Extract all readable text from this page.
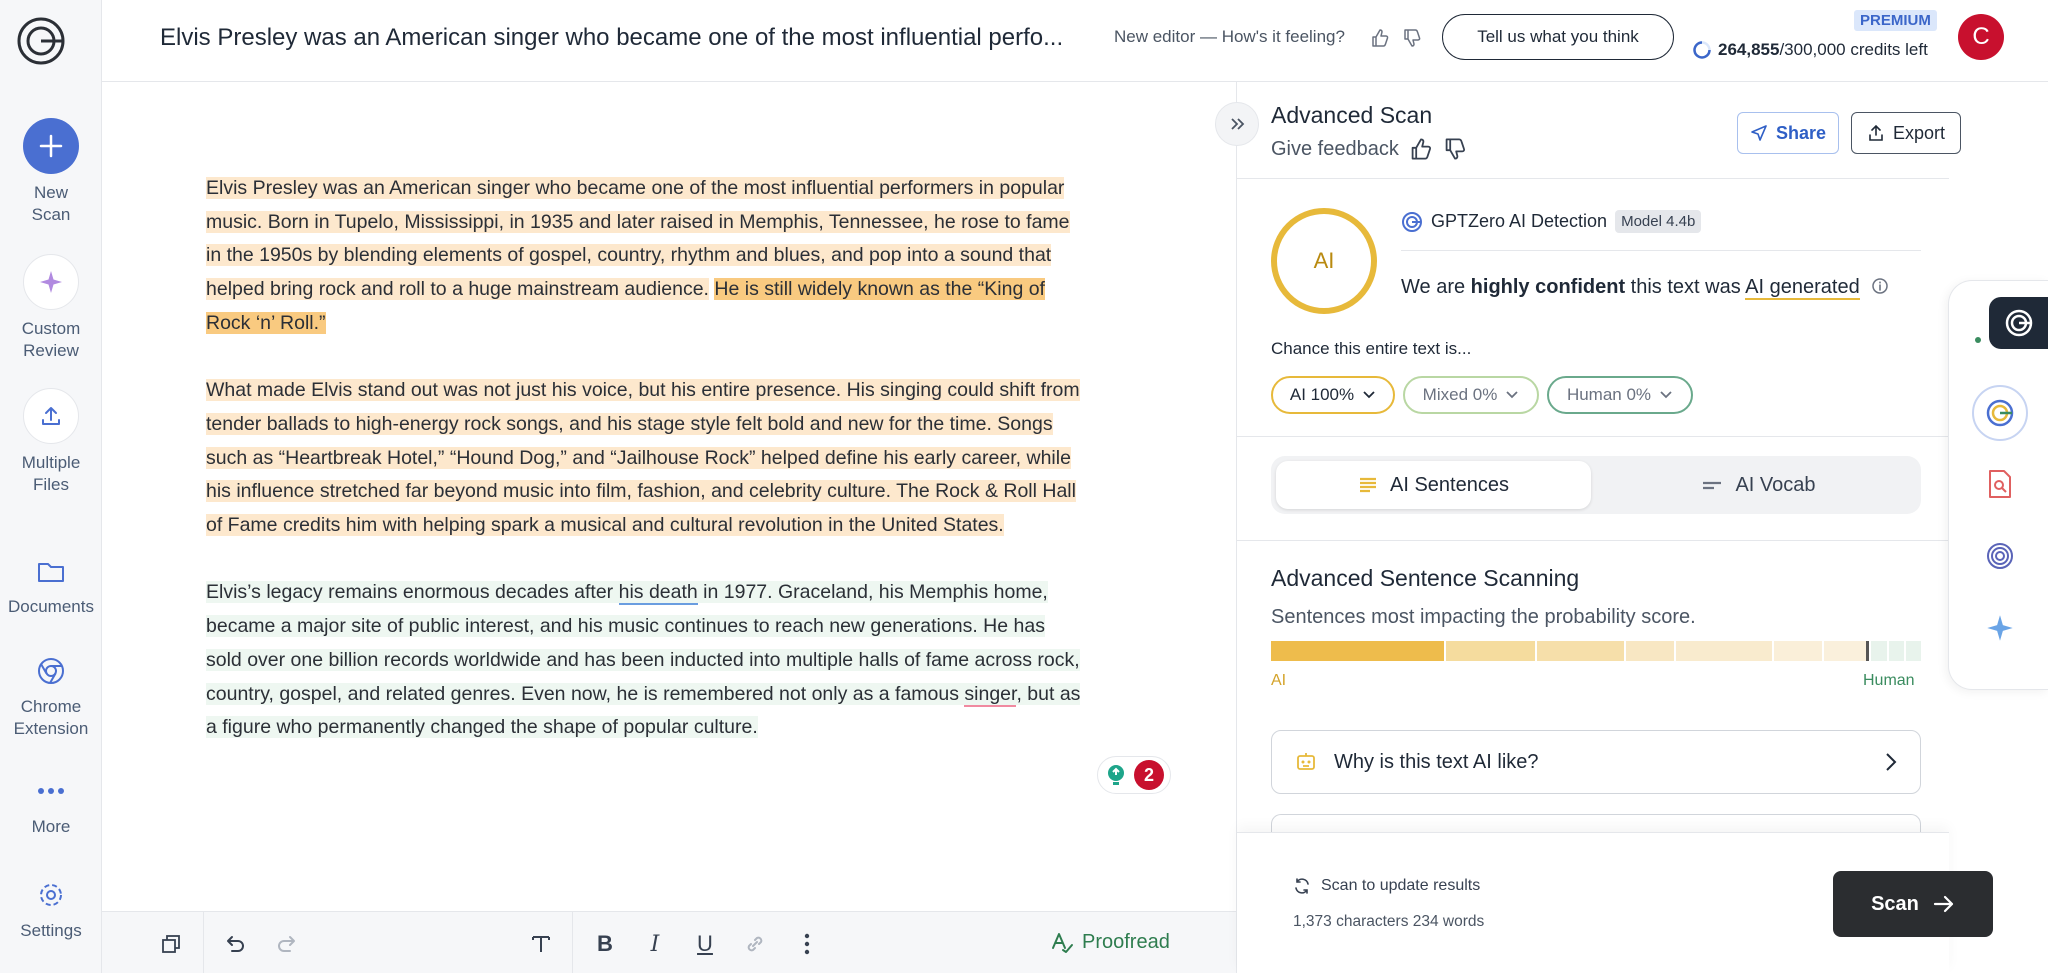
New
Scan
Custom
Review
Multiple
Files
Documents
Chrome
Extension
More
Settings
Elvis Presley was an American singer who became one of the most influential perfo...	New editor — How's it feeling?	Tell us what you think
PREMIUM
264,855/300,000 credits left	C

Elvis Presley was an American singer who became one of the most influential performers in popular music. Born in Tupelo, Mississippi, in 1935 and later raised in Memphis, Tennessee, he rose to fame in the 1950s by blending elements of gospel, country, rhythm and blues, and pop into a sound that helped bring rock and roll to a huge mainstream audience. He is still widely known as the “King of Rock ‘n’ Roll.”

What made Elvis stand out was not just his voice, but his entire presence. His singing could shift from tender ballads to high-energy rock songs, and his stage style felt bold and new for the time. Songs such as “Heartbreak Hotel,” “Hound Dog,” and “Jailhouse Rock” helped define his early career, while his influence stretched far beyond music into film, fashion, and celebrity culture. The Rock & Roll Hall of Fame credits him with helping spark a musical and cultural revolution in the United States.

Elvis’s legacy remains enormous decades after his death in 1977. Graceland, his Memphis home, became a major site of public interest, and his music continues to reach new generations. He has sold over one billion records worldwide and has been inducted into multiple halls of fame across rock, country, gospel, and related genres. Even now, he is remembered not only as a famous singer, but as a figure who permanently changed the shape of popular culture.

2
B	I	U	Proofread
Advanced Scan
Give feedback
Share	Export
AI
GPTZero AI Detection Model 4.4b
We are highly confident this text was AI generated
Chance this entire text is...
AI 100%	Mixed 0%	Human 0%
AI Sentences	AI Vocab
Advanced Sentence Scanning
Sentences most impacting the probability score.
AI	Human
Why is this text AI like?
Scan to update results
1,373 characters 234 words
Scan
